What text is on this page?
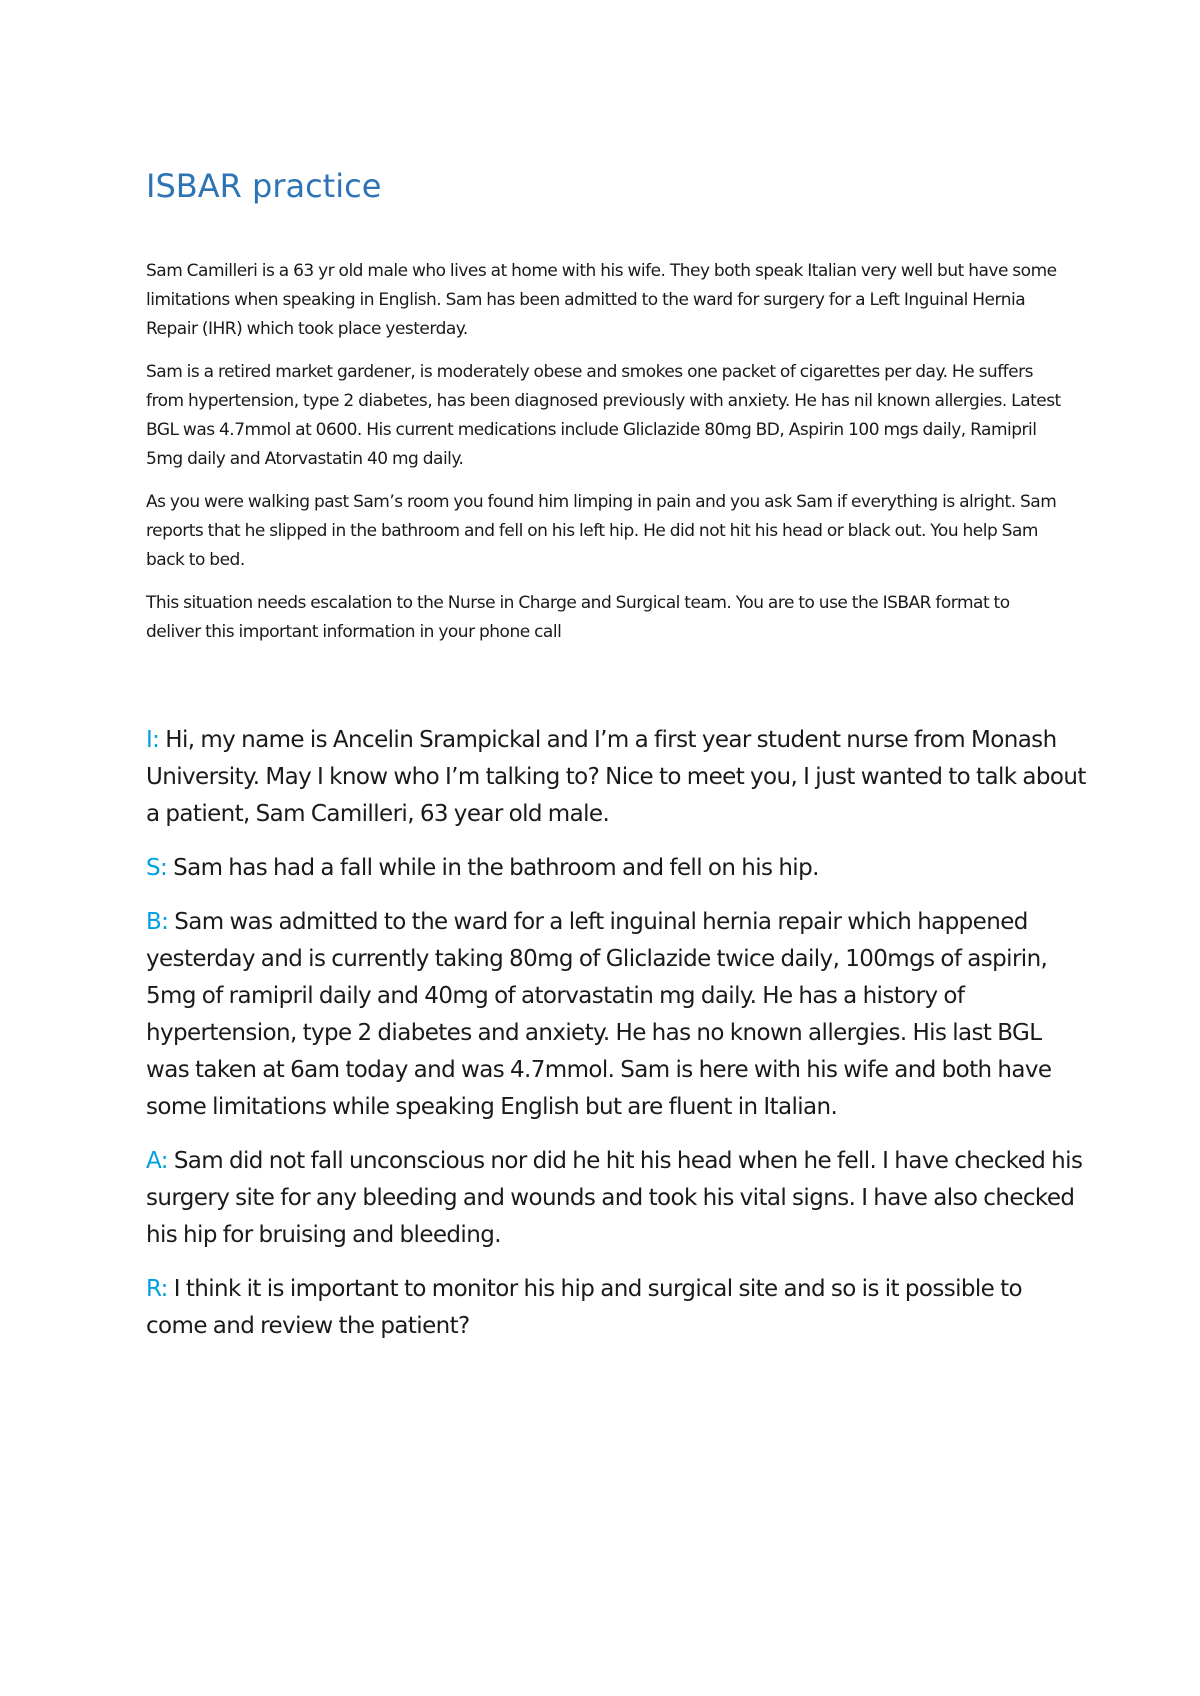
ISBAR practice

Sam Camilleri is a 63 yr old male who lives at home with his wife. They both speak Italian very well but have some limitations when speaking in English. Sam has been admitted to the ward for surgery for a Left Inguinal Hernia Repair (IHR) which took place yesterday.

Sam is a retired market gardener, is moderately obese and smokes one packet of cigarettes per day. He suffers from hypertension, type 2 diabetes, has been diagnosed previously with anxiety. He has nil known allergies. Latest BGL was 4.7mmol at 0600. His current medications include Gliclazide 80mg BD, Aspirin 100 mgs daily, Ramipril 5mg daily and Atorvastatin 40 mg daily.

As you were walking past Sam’s room you found him limping in pain and you ask Sam if everything is alright. Sam reports that he slipped in the bathroom and fell on his left hip. He did not hit his head or black out. You help Sam back to bed.

This situation needs escalation to the Nurse in Charge and Surgical team. You are to use the ISBAR format to deliver this important information in your phone call

I: Hi, my name is Ancelin Srampickal and I’m a first year student nurse from Monash University. May I know who I’m talking to? Nice to meet you, I just wanted to talk about a patient, Sam Camilleri, 63 year old male.

S: Sam has had a fall while in the bathroom and fell on his hip.

B: Sam was admitted to the ward for a left inguinal hernia repair which happened yesterday and is currently taking 80mg of Gliclazide twice daily, 100mgs of aspirin, 5mg of ramipril daily and 40mg of atorvastatin mg daily. He has a history of hypertension, type 2 diabetes and anxiety. He has no known allergies. His last BGL was taken at 6am today and was 4.7mmol. Sam is here with his wife and both have some limitations while speaking English but are fluent in Italian.

A: Sam did not fall unconscious nor did he hit his head when he fell. I have checked his surgery site for any bleeding and wounds and took his vital signs. I have also checked his hip for bruising and bleeding.

R: I think it is important to monitor his hip and surgical site and so is it possible to come and review the patient?
